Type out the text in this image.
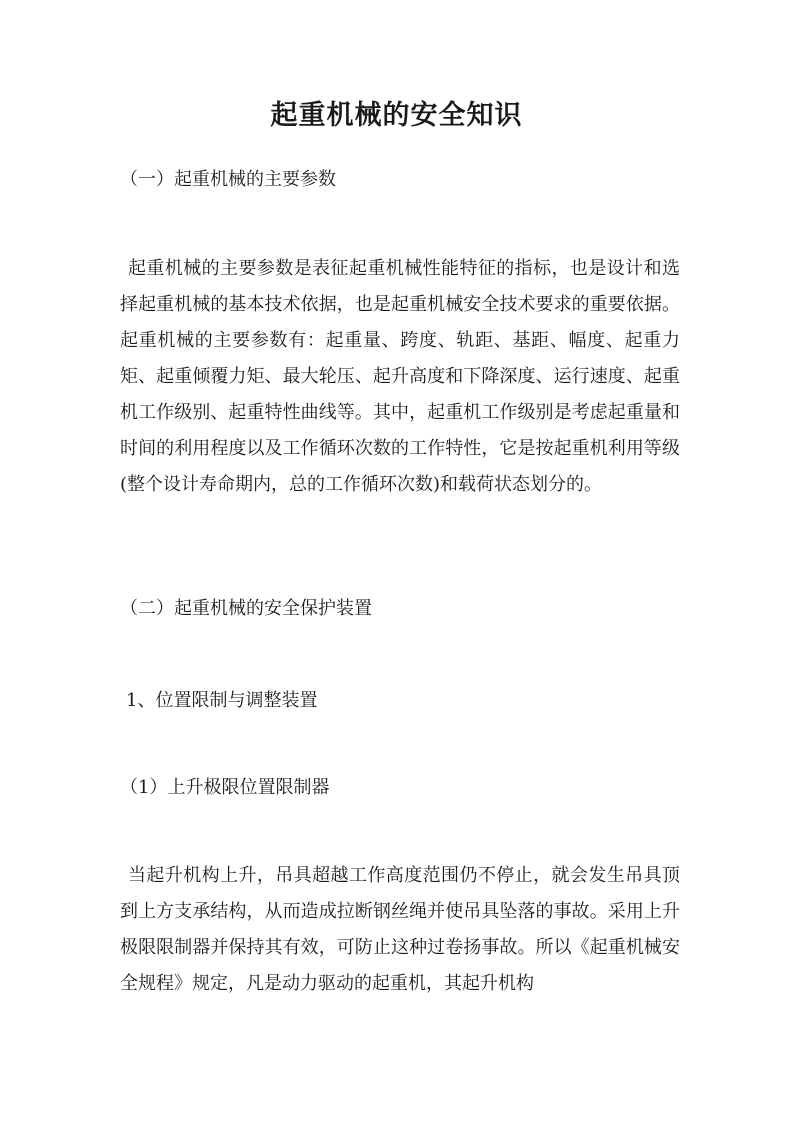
起重机械的安全知识
（一）起重机械的主要参数
起重机械的主要参数是表征起重机械性能特征的指标，也是设计和选择起重机械的基本技术依据，也是起重机械安全技术要求的重要依据。 起重机械的主要参数有：起重量、跨度、轨距、基距、幅度、起重力矩、起重倾覆力矩、最大轮压、起升高度和下降深度、运行速度、起重机工作级别、起重特性曲线等。其中，起重机工作级别是考虑起重量和时间的利用程度以及工作循环次数的工作特性，它是按起重机利用等级(整个设计寿命期内，总的工作循环次数)和载荷状态划分的。
（二）起重机械的安全保护装置
1、位置限制与调整装置
（1）上升极限位置限制器
当起升机构上升，吊具超越工作高度范围仍不停止，就会发生吊具顶到上方支承结构，从而造成拉断钢丝绳并使吊具坠落的事故。采用上升极限限制器并保持其有效，可防止这种过卷扬事故。所以《起重机械安全规程》规定，凡是动力驱动的起重机，其起升机构
